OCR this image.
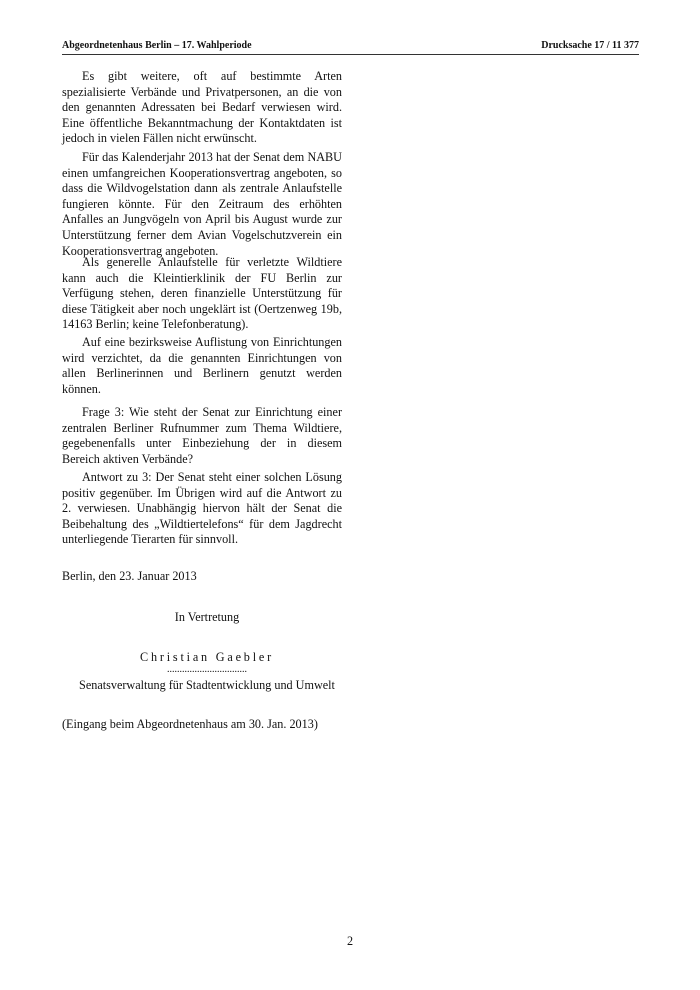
Abgeordnetenhaus Berlin – 17. Wahlperiode	Drucksache 17 / 11 377

Es gibt weitere, oft auf bestimmte Arten spezialisierte Verbände und Privatpersonen, an die von den genannten Adressaten bei Bedarf verwiesen wird. Eine öffentliche Bekanntmachung der Kontaktdaten ist jedoch in vielen Fällen nicht erwünscht.

Für das Kalenderjahr 2013 hat der Senat dem NABU einen umfangreichen Kooperationsvertrag angeboten, so dass die Wildvogelstation dann als zentrale Anlaufstelle fungieren könnte. Für den Zeitraum des erhöhten Anfalles an Jungvögeln von April bis August wurde zur Unterstützung ferner dem Avian Vogelschutzverein ein Kooperationsvertrag angeboten.

Als generelle Anlaufstelle für verletzte Wildtiere kann auch die Kleintierklinik der FU Berlin zur Verfügung stehen, deren finanzielle Unterstützung für diese Tätigkeit aber noch ungeklärt ist (Oertzenweg 19b, 14163 Berlin; keine Telefonberatung).

Auf eine bezirksweise Auflistung von Einrichtungen wird verzichtet, da die genannten Einrichtungen von allen Berlinerinnen und Berlinern genutzt werden können.

Frage 3: Wie steht der Senat zur Einrichtung einer zentralen Berliner Rufnummer zum Thema Wildtiere, gegebenenfalls unter Einbeziehung der in diesem Bereich aktiven Verbände?

Antwort zu 3: Der Senat steht einer solchen Lösung positiv gegenüber. Im Übrigen wird auf die Antwort zu 2. verwiesen. Unabhängig hiervon hält der Senat die Beibehaltung des „Wildtiertelefons“ für dem Jagdrecht unterliegende Tierarten für sinnvoll.

Berlin, den 23. Januar 2013
In Vertretung
Christian Gaebler
................................
Senatsverwaltung für Stadtentwicklung und Umwelt
(Eingang beim Abgeordnetenhaus am 30. Jan. 2013)
2
